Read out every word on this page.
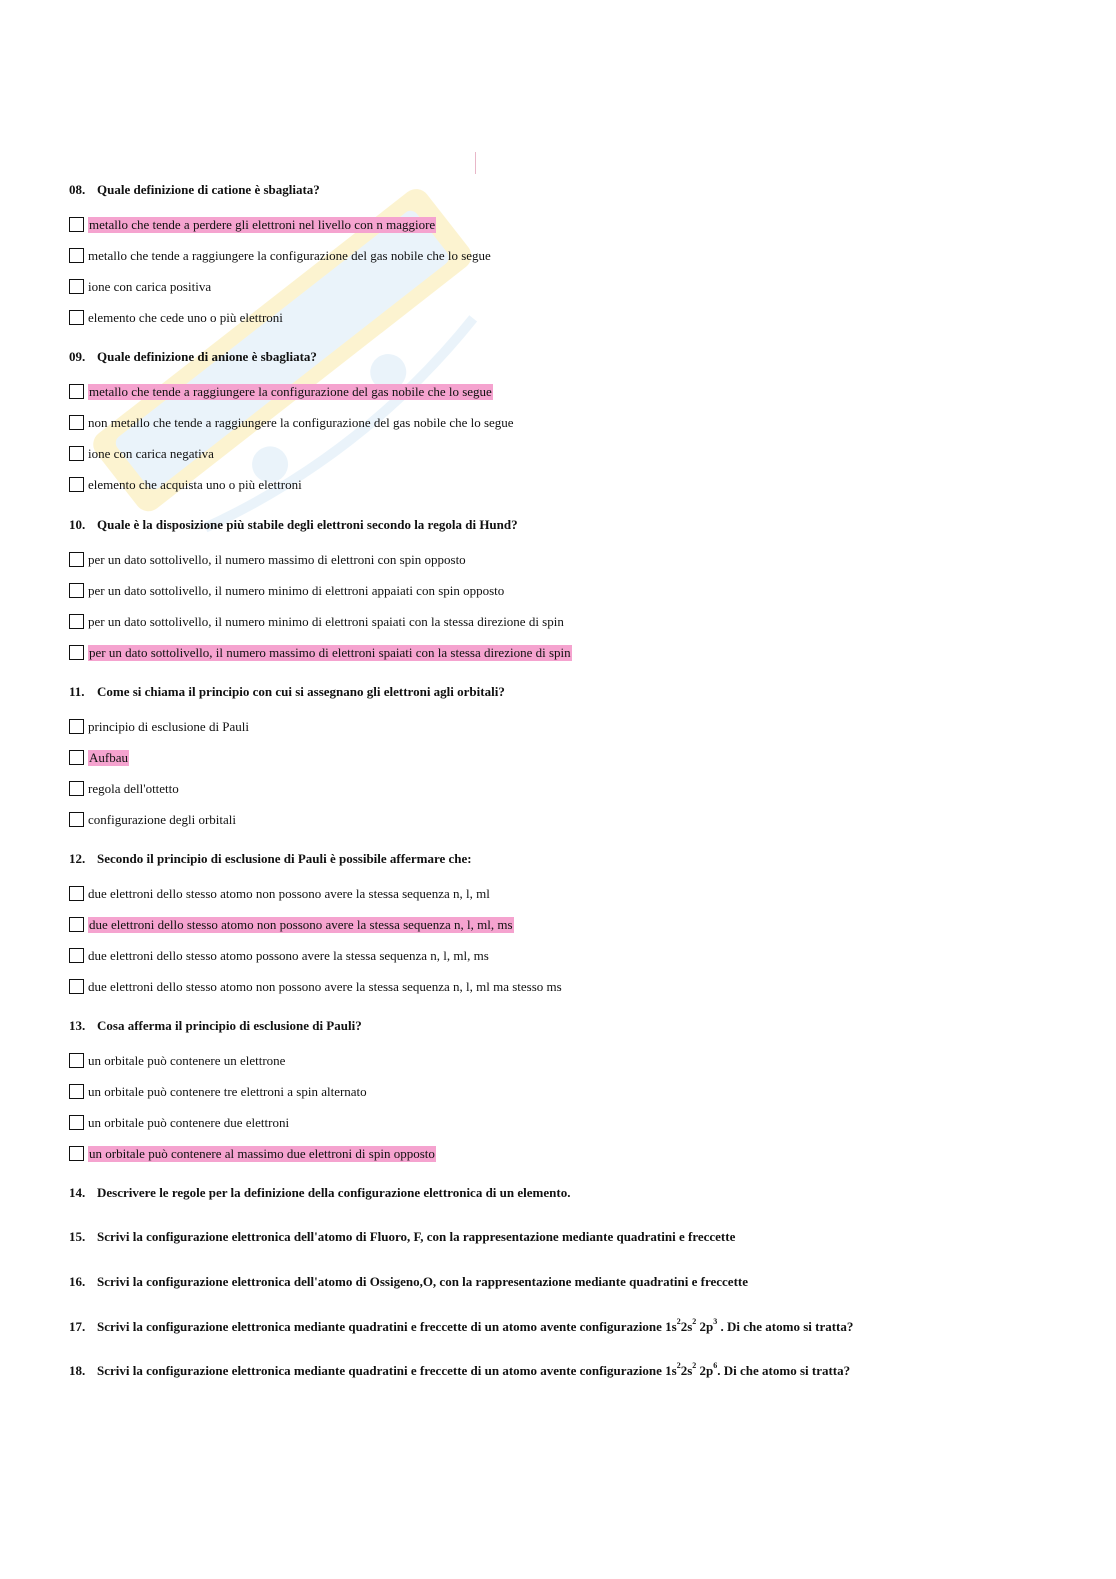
08. Quale definizione di catione è sbagliata?
metallo che tende a perdere gli elettroni nel livello con n maggiore
metallo che tende a raggiungere la configurazione del gas nobile che lo segue
ione con carica positiva
elemento che cede uno o più elettroni
09. Quale definizione di anione è sbagliata?
metallo che tende a raggiungere la configurazione del gas nobile che lo segue
non metallo che tende a raggiungere la configurazione del gas nobile che lo segue
ione con carica negativa
elemento che acquista uno o più elettroni
10. Quale è la disposizione più stabile degli elettroni secondo la regola di Hund?
per un dato sottolivello, il numero massimo di elettroni con spin opposto
per un dato sottolivello, il numero minimo di elettroni appaiati con spin opposto
per un dato sottolivello, il numero minimo di elettroni spaiati con la stessa direzione di spin
per un dato sottolivello, il numero massimo di elettroni spaiati con la stessa direzione di spin
11. Come si chiama il principio con cui si assegnano gli elettroni agli orbitali?
principio di esclusione di Pauli
Aufbau
regola dell'ottetto
configurazione degli orbitali
12. Secondo il principio di esclusione di Pauli è possibile affermare che:
due elettroni dello stesso atomo non possono avere la stessa sequenza n, l, ml
due elettroni dello stesso atomo non possono avere la stessa sequenza n, l, ml, ms
due elettroni dello stesso atomo possono avere la stessa sequenza n, l, ml, ms
due elettroni dello stesso atomo non possono avere la stessa sequenza n, l, ml ma stesso ms
13. Cosa afferma il principio di esclusione di Pauli?
un orbitale può contenere un elettrone
un orbitale può contenere tre elettroni a spin alternato
un orbitale può contenere due elettroni
un orbitale può contenere al massimo due elettroni di spin opposto
14. Descrivere le regole per la definizione della configurazione elettronica di un elemento.
15. Scrivi la configurazione elettronica dell'atomo di Fluoro, F, con la rappresentazione mediante quadratini e freccette
16. Scrivi la configurazione elettronica dell'atomo di Ossigeno,O, con la rappresentazione mediante quadratini e freccette
17. Scrivi la configurazione elettronica mediante quadratini e freccette di un atomo avente configurazione $1s^22s^2$ $2p^3$ . Di che atomo si tratta?
18. Scrivi la configurazione elettronica mediante quadratini e freccette di un atomo avente configurazione $1s^22s^2$ $2p^6$. Di che atomo si tratta?
